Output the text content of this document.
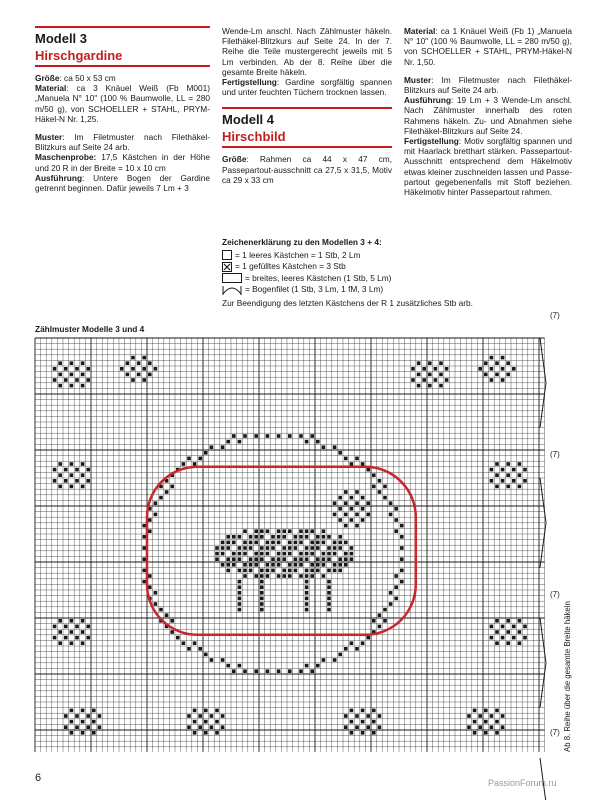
Modell 3
Hirschgardine

Größe: ca 50 x 53 cm

Material: ca 3 Knäuel Weiß (Fb M001) „Manuela N° 10" (100 % Baumwolle, LL = 280 m/50 g), von SCHOELLER + STAHL, PRYM-Häkel-N Nr. 1,25.

Muster: Im Filetmuster nach Filethäkel-Blitzkurs auf Seite 24 arb.

Maschenprobe: 17,5 Kästchen in der Höhe und 20 R in der Breite = 10 x 10 cm

Ausführung: Untere Bogen der Gardine getrennt beginnen. Dafür jeweils 7 Lm + 3

Wende-Lm anschl. Nach Zählmuster häkeln. Filethäkel-Blitzkurs auf Seite 24. In der 7. Reihe die Teile mustergerecht jeweils mit 5 Lm verbinden. Ab der 8. Reihe über die gesamte Breite häkeln.

Fertigstellung: Gardine sorgfältig spannen und unter feuchten Tüchern trocknen lassen.

Modell 4
Hirschbild

Größe: Rahmen ca 44 x 47 cm, Passepartout-ausschnitt ca 27,5 x 31,5, Motiv ca 29 x 33 cm

Material: ca 1 Knäuel Weiß (Fb 1) „Manuela N° 10" (100 % Baumwolle, LL = 280 m/50 g), von SCHOELLER + STAHL, PRYM-Häkel-N Nr. 1,50.

Muster: Im Filetmuster nach Filethäkel-Blitzkurs auf Seite 24 arb.

Ausführung: 19 Lm + 3 Wende-Lm anschl. Nach Zählmuster innerhalb des roten Rahmens häkeln. Zu- und Abnahmen siehe Filethäkel-Blitzkurs auf Seite 24.

Fertigstellung: Motiv sorgfältig spannen und mit Haarlack bretthart stärken. Passepartout-Ausschnitt entsprechend dem Häkelmotiv etwas kleiner zuschneiden lassen und Passe-partout gegebenenfalls mit Stoff beziehen. Häkelmotiv hinter Passepartout rahmen.

Zeichenerklärung zu den Modellen 3 + 4:
= 1 leeres Kästchen = 1 Stb, 2 Lm
= 1 gefülltes Kästchen = 3 Stb
= breites, leeres Kästchen (1 Stb, 5 Lm)
= Bogenfilet (1 Stb, 3 Lm, 1 fM, 3 Lm)
Zur Beendigung des letzten Kästchens der R 1 zusätzliches Stb arb.
Zählmuster Modelle 3 und 4
(7)
(7)
(7)
(7) Ab 8. Reihe über die gesamte Breite häkeln
6	PassionForum.ru
